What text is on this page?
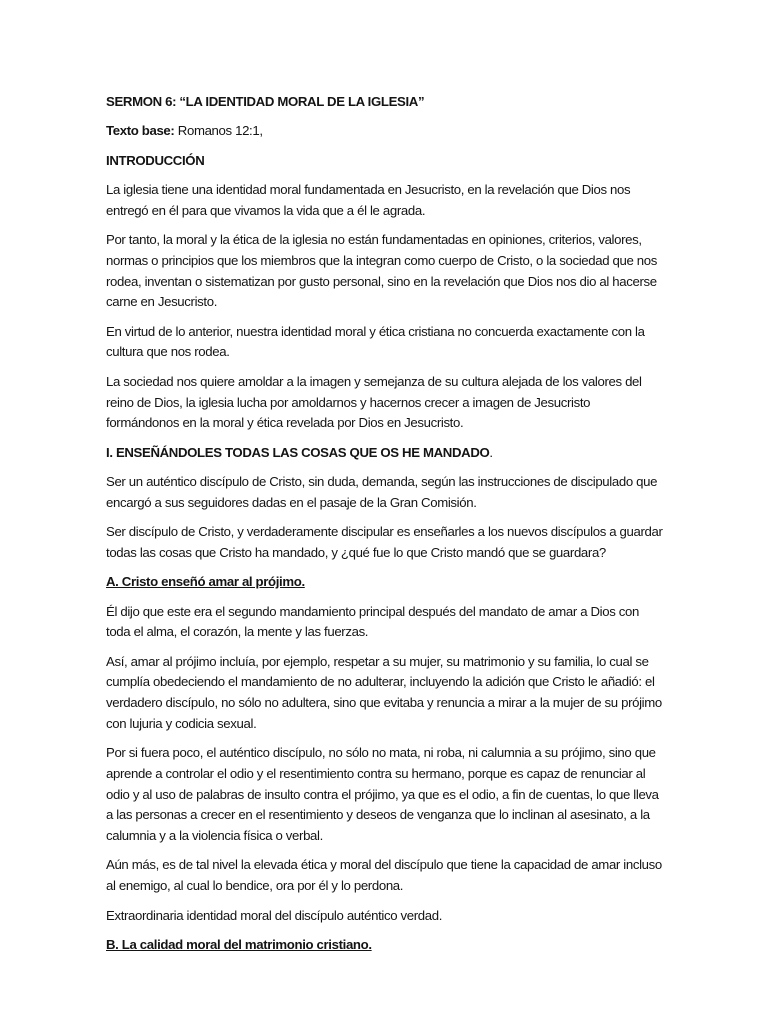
SERMON 6: “LA IDENTIDAD MORAL DE LA IGLESIA”

Texto base: Romanos 12:1,

INTRODUCCIÓN

La iglesia tiene una identidad moral fundamentada en Jesucristo, en la revelación que Dios nos entregó en él para que vivamos la vida que a él le agrada.

Por tanto, la moral y la ética de la iglesia no están fundamentadas en opiniones, criterios, valores, normas o principios que los miembros que la integran como cuerpo de Cristo, o la sociedad que nos rodea, inventan o sistematizan por gusto personal, sino en la revelación que Dios nos dio al hacerse carne en Jesucristo.

En virtud de lo anterior, nuestra identidad moral y ética cristiana no concuerda exactamente con la cultura que nos rodea.

La sociedad nos quiere amoldar a la imagen y semejanza de su cultura alejada de los valores del reino de Dios, la iglesia lucha por amoldarnos y hacernos crecer a imagen de Jesucristo formándonos en la moral y ética revelada por Dios en Jesucristo.

I. ENSEÑÁNDOLES TODAS LAS COSAS QUE OS HE MANDADO.

Ser un auténtico discípulo de Cristo, sin duda, demanda, según las instrucciones de discipulado que encargó a sus seguidores dadas en el pasaje de la Gran Comisión.

Ser discípulo de Cristo, y verdaderamente discipular es enseñarles a los nuevos discípulos a guardar todas las cosas que Cristo ha mandado, y ¿qué fue lo que Cristo mandó que se guardara?

A. Cristo enseñó amar al prójimo.

Él dijo que este era el segundo mandamiento principal después del mandato de amar a Dios con toda el alma, el corazón, la mente y las fuerzas.

Así, amar al prójimo incluía, por ejemplo, respetar a su mujer, su matrimonio y su familia, lo cual se cumplía obedeciendo el mandamiento de no adulterar, incluyendo la adición que Cristo le añadió: el verdadero discípulo, no sólo no adultera, sino que evitaba y renuncia a mirar a la mujer de su prójimo con lujuria y codicia sexual.

Por si fuera poco, el auténtico discípulo, no sólo no mata, ni roba, ni calumnia a su prójimo, sino que aprende a controlar el odio y el resentimiento contra su hermano, porque es capaz de renunciar al odio y al uso de palabras de insulto contra el prójimo, ya que es el odio, a fin de cuentas, lo que lleva a las personas a crecer en el resentimiento y deseos de venganza que lo inclinan al asesinato, a la calumnia y a la violencia física o verbal.

Aún más, es de tal nivel la elevada ética y moral del discípulo que tiene la capacidad de amar incluso al enemigo, al cual lo bendice, ora por él y lo perdona.

Extraordinaria identidad moral del discípulo auténtico verdad.

B. La calidad moral del matrimonio cristiano.
